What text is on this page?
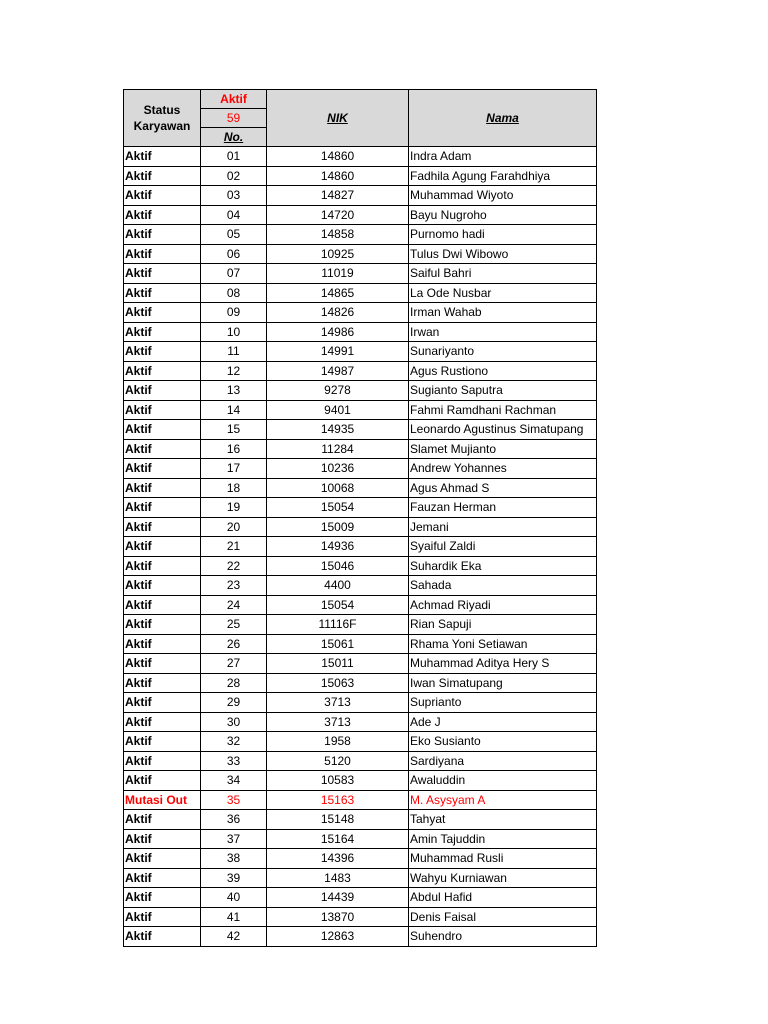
Status Karyawan	Aktif	NIK	Nama
	59		
	No.		
Aktif	01	14860	Indra Adam
Aktif	02	14860	Fadhila Agung Farahdhiya
Aktif	03	14827	Muhammad Wiyoto
Aktif	04	14720	Bayu Nugroho
Aktif	05	14858	Purnomo hadi
Aktif	06	10925	Tulus Dwi Wibowo
Aktif	07	11019	Saiful Bahri
Aktif	08	14865	La Ode Nusbar
Aktif	09	14826	Irman Wahab
Aktif	10	14986	Irwan
Aktif	11	14991	Sunariyanto
Aktif	12	14987	Agus Rustiono
Aktif	13	9278	Sugianto Saputra
Aktif	14	9401	Fahmi Ramdhani Rachman
Aktif	15	14935	Leonardo Agustinus Simatupang
Aktif	16	11284	Slamet Mujianto
Aktif	17	10236	Andrew Yohannes
Aktif	18	10068	Agus Ahmad S
Aktif	19	15054	Fauzan Herman
Aktif	20	15009	Jemani
Aktif	21	14936	Syaiful Zaldi
Aktif	22	15046	Suhardik Eka
Aktif	23	4400	Sahada
Aktif	24	15054	Achmad Riyadi
Aktif	25	11116F	Rian Sapuji
Aktif	26	15061	Rhama Yoni Setiawan
Aktif	27	15011	Muhammad Aditya Hery S
Aktif	28	15063	Iwan Simatupang
Aktif	29	3713	Suprianto
Aktif	30	3713	Ade J
Aktif	32	1958	Eko Susianto
Aktif	33	5120	Sardiyana
Aktif	34	10583	Awaluddin
Mutasi Out	35	15163	M. Asysyam A
Aktif	36	15148	Tahyat
Aktif	37	15164	Amin Tajuddin
Aktif	38	14396	Muhammad Rusli
Aktif	39	1483	Wahyu Kurniawan
Aktif	40	14439	Abdul Hafid
Aktif	41	13870	Denis Faisal
Aktif	42	12863	Suhendro
